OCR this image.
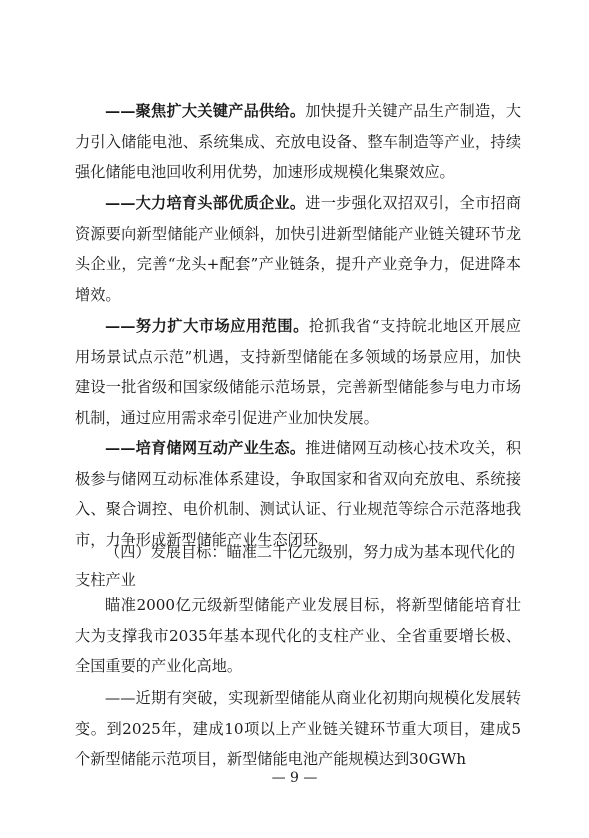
——聚焦扩大关键产品供给。加快提升关键产品生产制造，大力引入储能电池、系统集成、充放电设备、整车制造等产业，持续强化储能电池回收利用优势，加速形成规模化集聚效应。

——大力培育头部优质企业。进一步强化双招双引，全市招商资源要向新型储能产业倾斜，加快引进新型储能产业链关键环节龙头企业，完善“龙头+配套”产业链条，提升产业竞争力，促进降本增效。

——努力扩大市场应用范围。抢抓我省“支持皖北地区开展应用场景试点示范”机遇，支持新型储能在多领域的场景应用，加快建设一批省级和国家级储能示范场景，完善新型储能参与电力市场机制，通过应用需求牵引促进产业加快发展。

——培育储网互动产业生态。推进储网互动核心技术攻关，积极参与储网互动标准体系建设，争取国家和省双向充放电、系统接入、聚合调控、电价机制、测试认证、行业规范等综合示范落地我市，力争形成新型储能产业生态闭环。

（四）发展目标：瞄准二千亿元级别，努力成为基本现代化的支柱产业

瞄准2000亿元级新型储能产业发展目标，将新型储能培育壮大为支撑我市2035年基本现代化的支柱产业、全省重要增长极、全国重要的产业化高地。

——近期有突破，实现新型储能从商业化初期向规模化发展转变。到2025年，建成10项以上产业链关键环节重大项目，建成5个新型储能示范项目，新型储能电池产能规模达到30GWh

— 9 —
